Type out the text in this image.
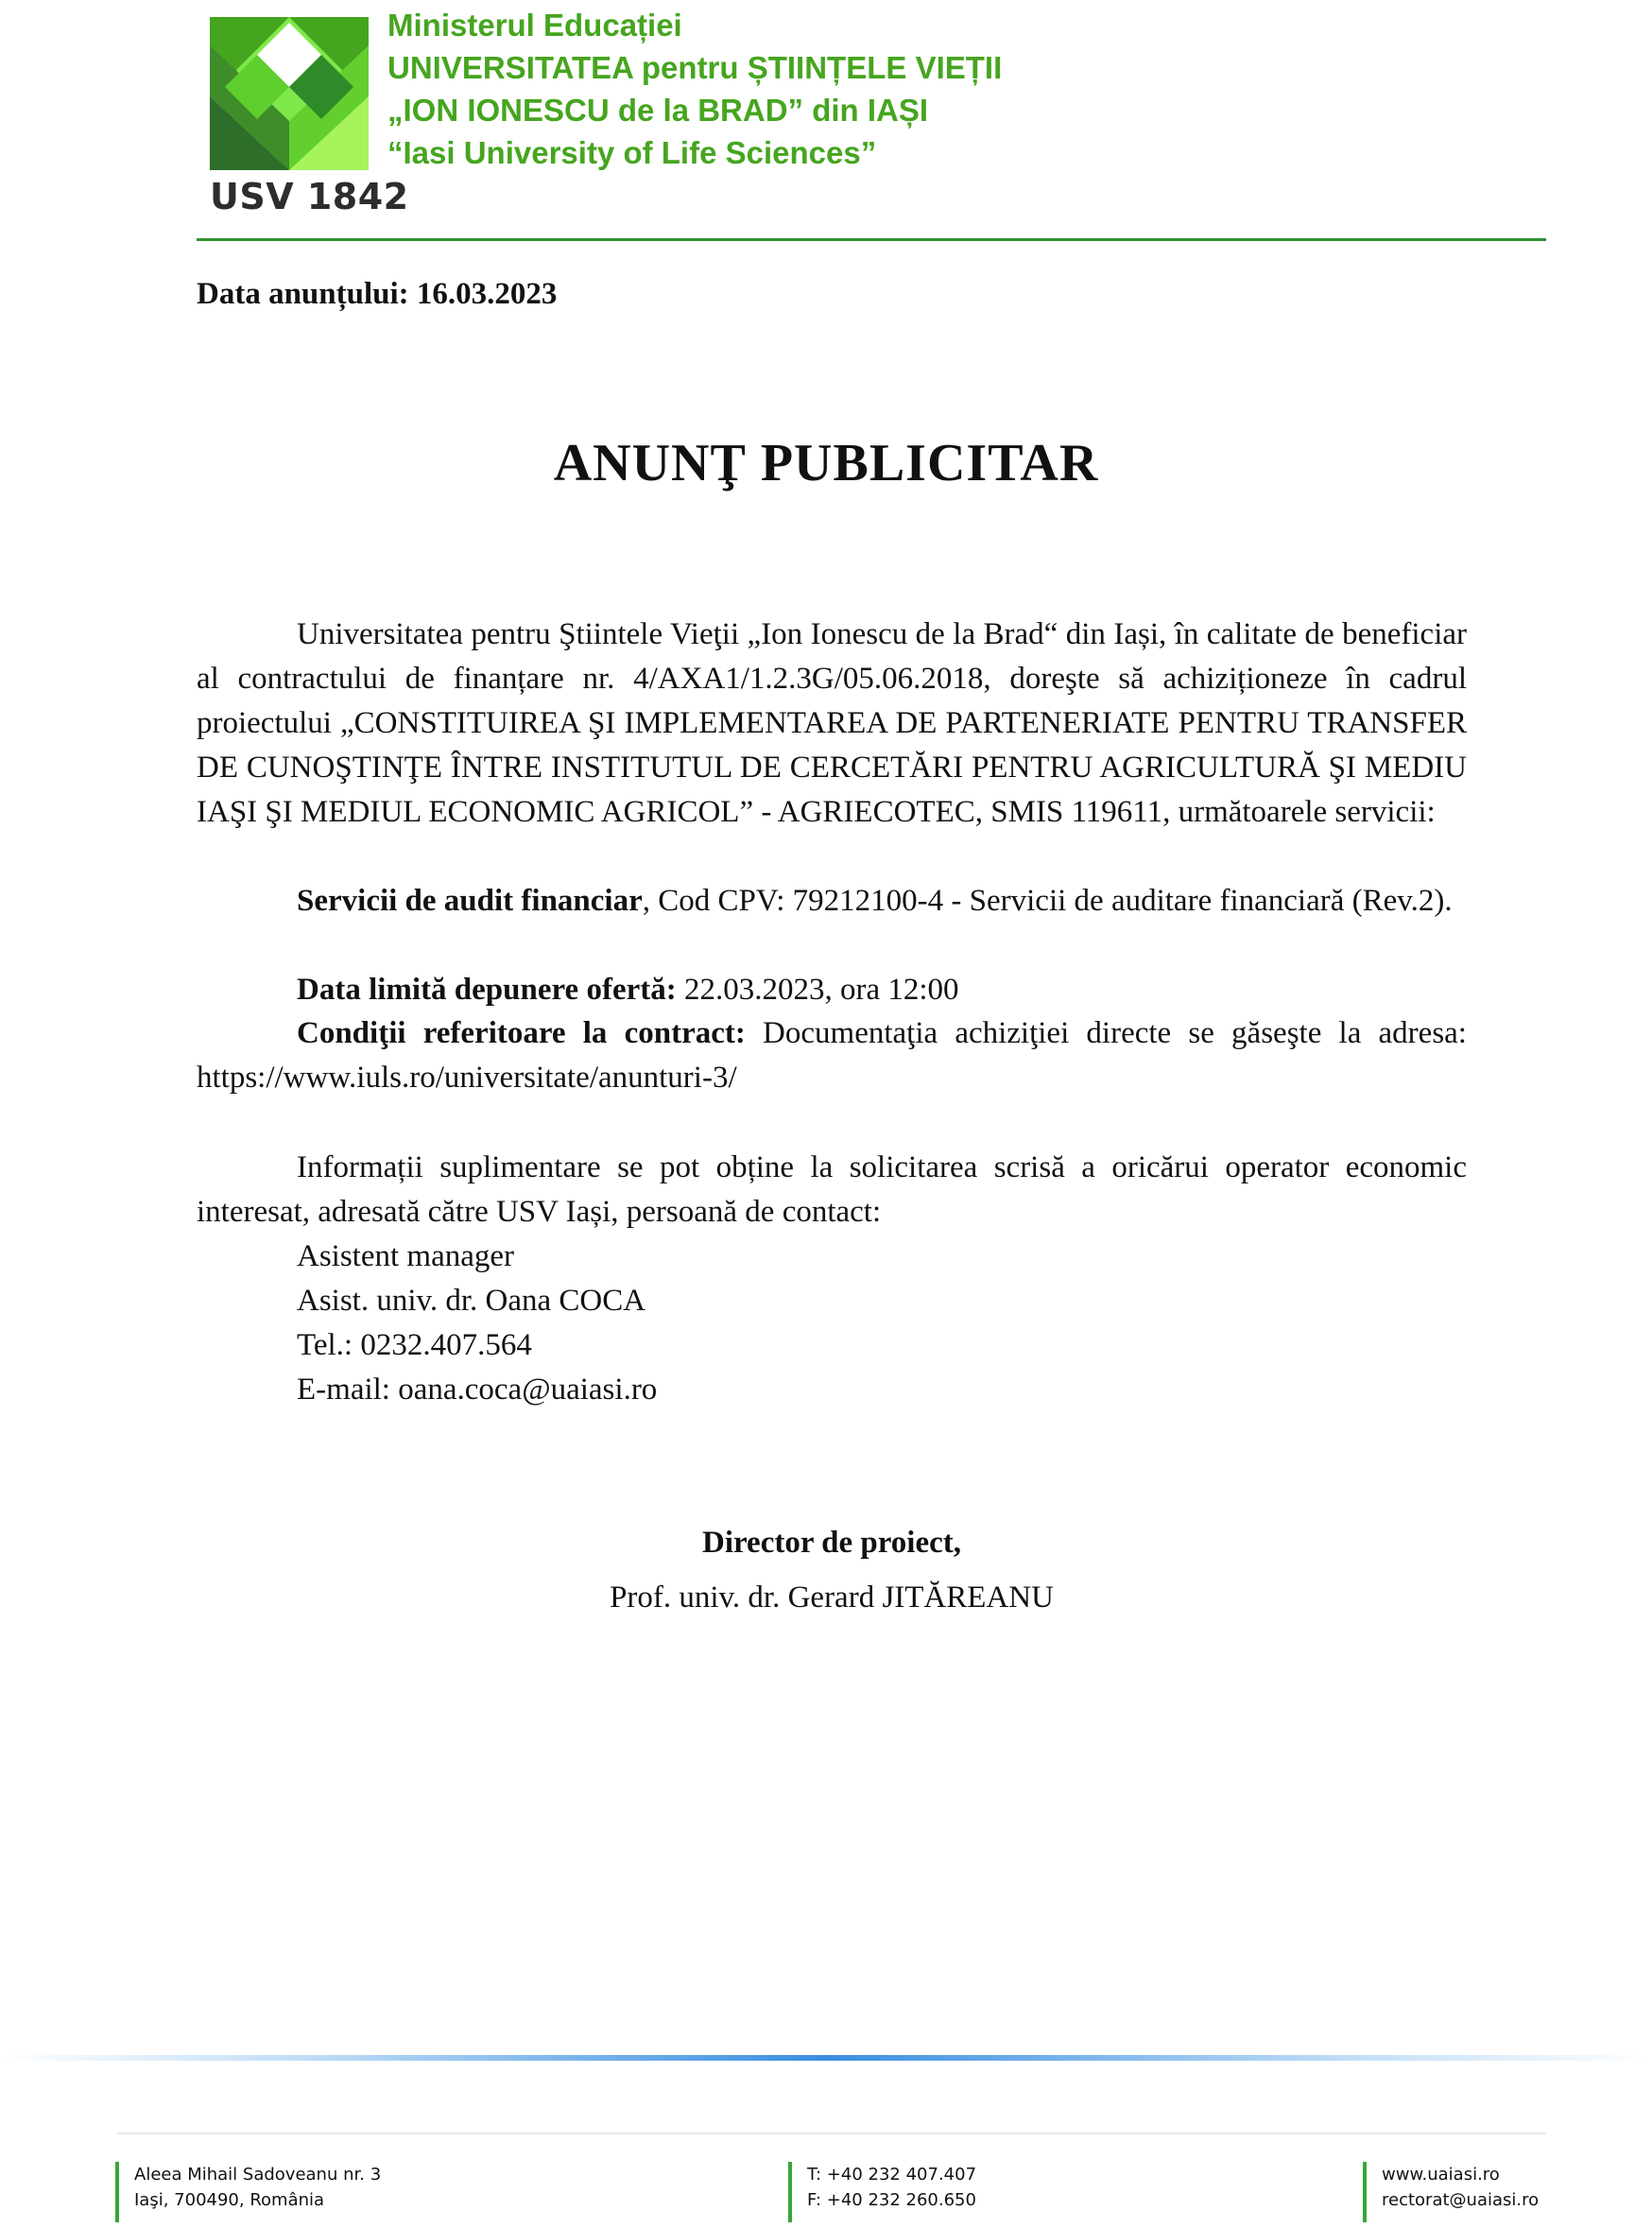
USV 1842
Ministerul Educației
UNIVERSITATEA pentru ȘTIINȚELE VIEȚII
„ION IONESCU de la BRAD” din IAȘI
“Iasi University of Life Sciences”
Data anunțului: 16.03.2023
ANUNŢ PUBLICITAR
Universitatea pentru Ştiintele Vieţii „Ion Ionescu de la Brad“ din Iași, în calitate de beneficiar al contractului de finanțare nr. 4/AXA1/1.2.3G/05.06.2018, doreşte să achiziționeze în cadrul proiectului „CONSTITUIREA ŞI IMPLEMENTAREA DE PARTENERIATE PENTRU TRANSFER DE CUNOŞTINŢE ÎNTRE INSTITUTUL DE CERCETĂRI PENTRU AGRICULTURĂ ŞI MEDIU IAŞI ŞI MEDIUL ECONOMIC AGRICOL” - AGRIECOTEC, SMIS 119611, următoarele servicii:
Servicii de audit financiar, Cod CPV: 79212100-4 - Servicii de auditare financiară (Rev.2).
Data limită depunere ofertă: 22.03.2023, ora 12:00
Condiţii referitoare la contract: Documentaţia achiziţiei directe se găseşte la adresa: https://www.iuls.ro/universitate/anunturi-3/
Informații suplimentare se pot obține la solicitarea scrisă a oricărui operator economic interesat, adresată către USV Iași, persoană de contact:
Asistent manager
Asist. univ. dr. Oana COCA
Tel.: 0232.407.564
E-mail: oana.coca@uaiasi.ro
Director de proiect,
Prof. univ. dr. Gerard JITĂREANU
Aleea Mihail Sadoveanu nr. 3
Iaşi, 700490, România
T: +40 232 407.407
F: +40 232 260.650
www.uaiasi.ro
rectorat@uaiasi.ro
